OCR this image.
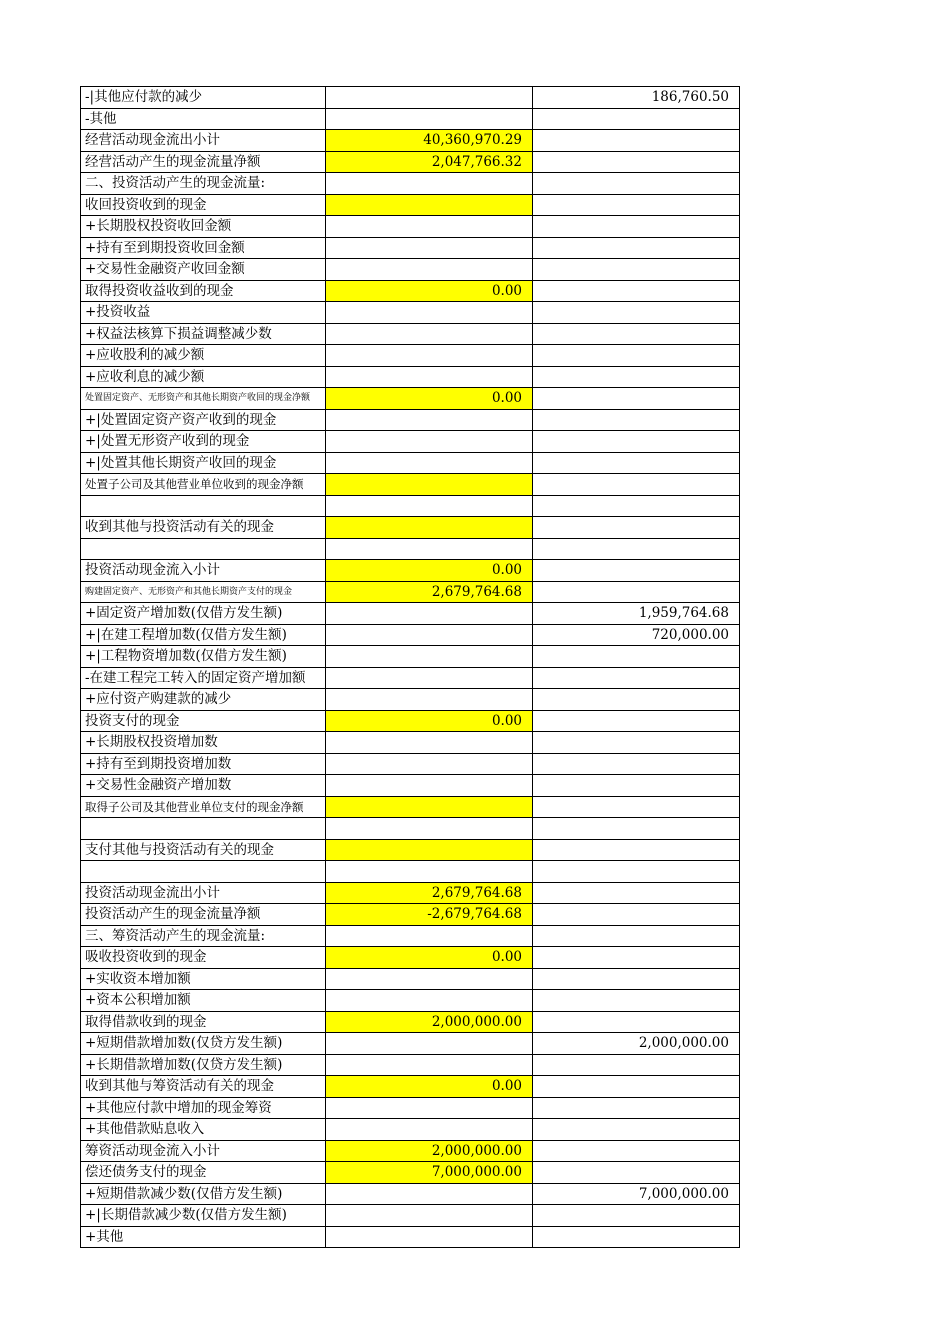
-|其他应付款的减少		186,760.50
-其他		
经营活动现金流出小计	40,360,970.29	
经营活动产生的现金流量净额	2,047,766.32	
二、投资活动产生的现金流量:		
收回投资收到的现金		
+长期股权投资收回金额		
+持有至到期投资收回金额		
+交易性金融资产收回金额		
取得投资收益收到的现金	0.00	
+投资收益		
+权益法核算下损益调整减少数		
+应收股利的减少额		
+应收利息的减少额		
处置固定资产、无形资产和其他长期资产收回的现金净额	0.00	
+|处置固定资产资产收到的现金		
+|处置无形资产收到的现金		
+|处置其他长期资产收回的现金		
处置子公司及其他营业单位收到的现金净额		

收到其他与投资活动有关的现金		

投资活动现金流入小计	0.00	
购建固定资产、无形资产和其他长期资产支付的现金	2,679,764.68	
+固定资产增加数(仅借方发生额)		1,959,764.68
+|在建工程增加数(仅借方发生额)		720,000.00
+|工程物资增加数(仅借方发生额)		
-在建工程完工转入的固定资产增加额		
+应付资产购建款的减少		
投资支付的现金	0.00	
+长期股权投资增加数		
+持有至到期投资增加数		
+交易性金融资产增加数		
取得子公司及其他营业单位支付的现金净额		

支付其他与投资活动有关的现金		

投资活动现金流出小计	2,679,764.68	
投资活动产生的现金流量净额	-2,679,764.68	
三、筹资活动产生的现金流量:		
吸收投资收到的现金	0.00	
+实收资本增加额		
+资本公积增加额		
取得借款收到的现金	2,000,000.00	
+短期借款增加数(仅贷方发生额)		2,000,000.00
+长期借款增加数(仅贷方发生额)		
收到其他与筹资活动有关的现金	0.00	
+其他应付款中增加的现金筹资		
+其他借款贴息收入		
筹资活动现金流入小计	2,000,000.00	
偿还债务支付的现金	7,000,000.00	
+短期借款减少数(仅借方发生额)		7,000,000.00
+|长期借款减少数(仅借方发生额)		
+其他		
